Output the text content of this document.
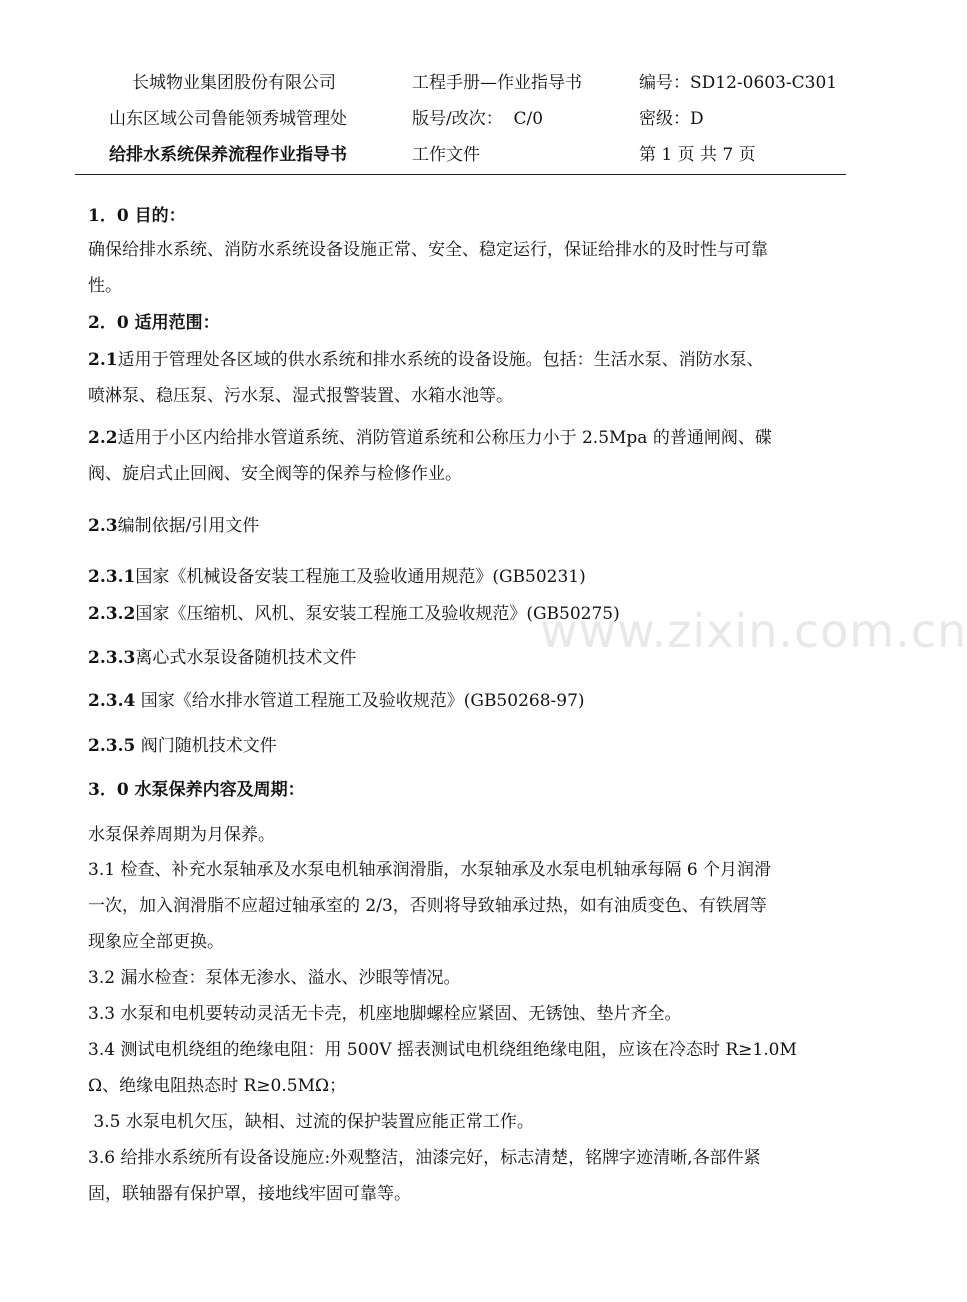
长城物业集团股份有限公司	工程手册—作业指导书	编号：SD12-0603-C301
山东区域公司鲁能领秀城管理处	版号/改次：  C/0	密级：D
给排水系统保养流程作业指导书	工作文件	第 1 页 共 7 页
www.zixin.com.cn
1．0 目的：
确保给排水系统、消防水系统设备设施正常、安全、稳定运行，保证给排水的及时性与可靠
性。
2．0 适用范围：
2.1适用于管理处各区域的供水系统和排水系统的设备设施。包括：生活水泵、消防水泵、
喷淋泵、稳压泵、污水泵、湿式报警装置、水箱水池等。
2.2适用于小区内给排水管道系统、消防管道系统和公称压力小于 2.5Mpa 的普通闸阀、碟
阀、旋启式止回阀、安全阀等的保养与检修作业。
2.3编制依据/引用文件
2.3.1国家《机械设备安装工程施工及验收通用规范》(GB50231)
2.3.2国家《压缩机、风机、泵安装工程施工及验收规范》(GB50275)
2.3.3离心式水泵设备随机技术文件
2.3.4 国家《给水排水管道工程施工及验收规范》(GB50268-97)
2.3.5 阀门随机技术文件
3．0 水泵保养内容及周期：
水泵保养周期为月保养。
3.1 检查、补充水泵轴承及水泵电机轴承润滑脂，水泵轴承及水泵电机轴承每隔 6 个月润滑
一次，加入润滑脂不应超过轴承室的 2/3，否则将导致轴承过热，如有油质变色、有铁屑等
现象应全部更换。
3.2 漏水检查：泵体无渗水、溢水、沙眼等情况。
3.3 水泵和电机要转动灵活无卡壳，机座地脚螺栓应紧固、无锈蚀、垫片齐全。
3.4 测试电机绕组的绝缘电阻：用 500V 摇表测试电机绕组绝缘电阻，应该在冷态时 R≥1.0M
Ω、绝缘电阻热态时 R≥0.5MΩ；
3.5 水泵电机欠压，缺相、过流的保护装置应能正常工作。
3.6 给排水系统所有设备设施应:外观整洁，油漆完好，标志清楚，铭牌字迹清晰,各部件紧
固，联轴器有保护罩，接地线牢固可靠等。
